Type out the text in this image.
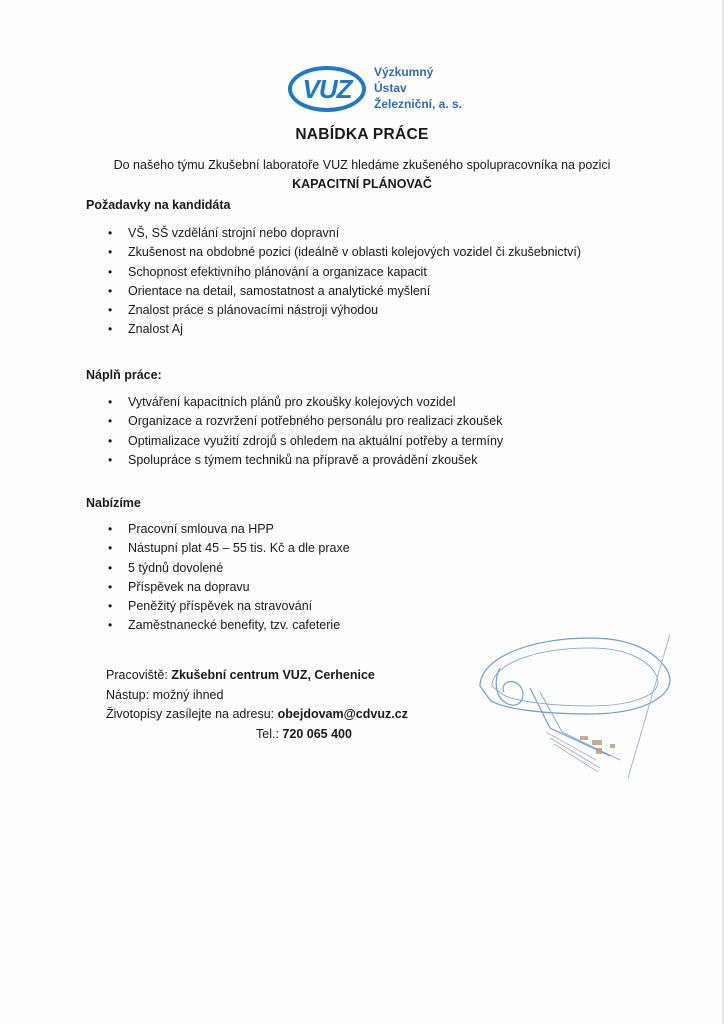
VUZ
Výzkumný
Ústav
Železniční, a. s.
NABÍDKA PRÁCE
Do našeho týmu Zkušební laboratoře VUZ hledáme zkušeného spolupracovníka na pozici
KAPACITNÍ PLÁNOVAČ
Požadavky na kandidáta
• VŠ, SŠ vzdělání strojní nebo dopravní
• Zkušenost na obdobné pozici (ideálně v oblasti kolejových vozidel či zkušebnictví)
• Schopnost efektivního plánování a organizace kapacit
• Orientace na detail, samostatnost a analytické myšlení
• Znalost práce s plánovacími nástroji výhodou
• Znalost Aj
Náplň práce:
• Vytváření kapacitních plánů pro zkoušky kolejových vozidel
• Organizace a rozvržení potřebného personálu pro realizaci zkoušek
• Optimalizace využití zdrojů s ohledem na aktuální potřeby a termíny
• Spolupráce s týmem techniků na přípravě a provádění zkoušek
Nabízíme
• Pracovní smlouva na HPP
• Nástupní plat 45 – 55 tis. Kč a dle praxe
• 5 týdnů dovolené
• Příspěvek na dopravu
• Peněžitý příspěvek na stravování
• Zaměstnanecké benefity, tzv. cafeterie
Pracoviště: Zkušební centrum VUZ, Cerhenice
Nástup: možný ihned
Životopisy zasílejte na adresu: obejdovam@cdvuz.cz
Tel.: 720 065 400
